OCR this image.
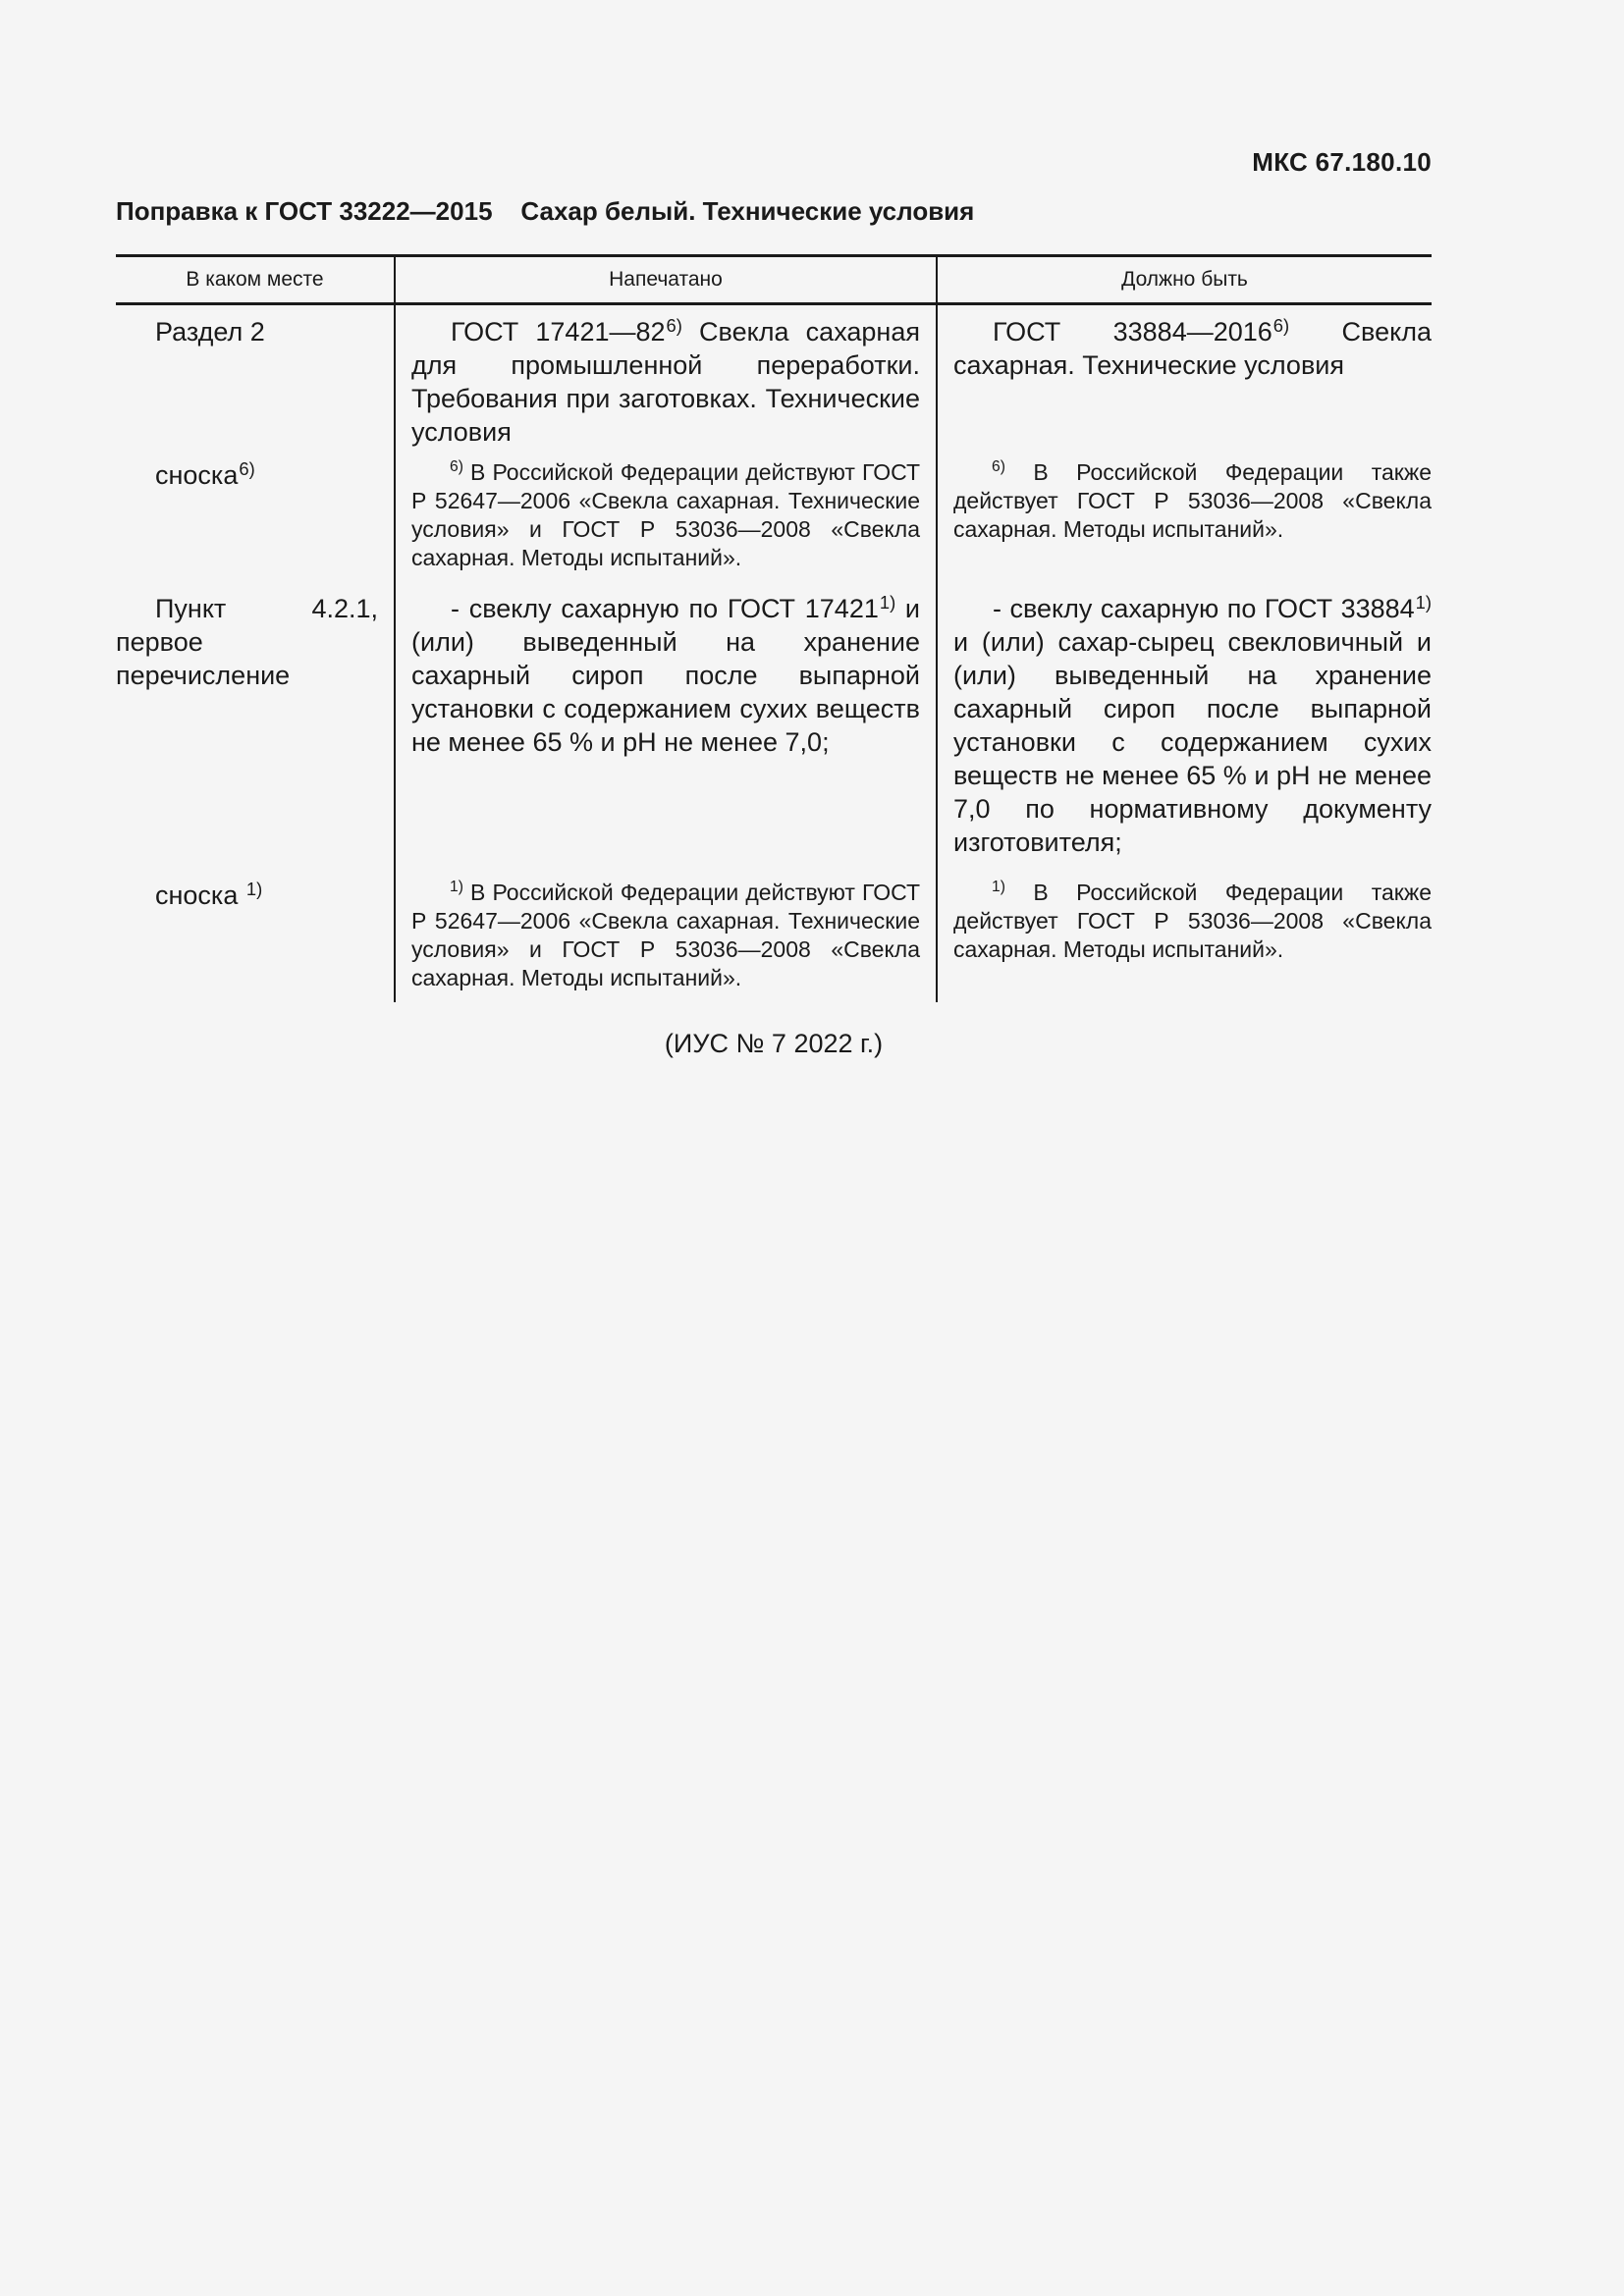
МКС 67.180.10
Поправка к ГОСТ 33222—2015    Сахар белый. Технические условия
В каком месте	Напечатано	Должно быть
Раздел 2	ГОСТ 17421—82$^{6)}$ Свекла сахарная для промышленной переработки. Требования при заготовках. Технические условия	ГОСТ 33884—2016$^{6)}$ Свекла сахарная. Технические условия

сноска$^{6)}$	$^{6)}$ В Российской Федерации действуют ГОСТ Р 52647—2006 «Свекла сахарная. Технические условия» и ГОСТ Р 53036—2008 «Свекла сахарная. Методы испытаний».	$^{6)}$ В Российской Федерации также действует ГОСТ Р 53036—2008 «Свекла сахарная. Методы испытаний».

Пункт 4.2.1, первое перечисление	- свеклу сахарную по ГОСТ 17421$^{1)}$ и (или) выведенный на хранение сахарный сироп после выпарной установки с содержанием сухих веществ не менее 65 % и pH не менее 7,0;	- свеклу сахарную по ГОСТ 33884$^{1)}$ и (или) сахар-сырец свекловичный и (или) выведенный на хранение сахарный сироп после выпарной установки с содержанием сухих веществ не менее 65 % и pH не менее 7,0 по нормативному документу изготовителя;

сноска $^{1)}$	$^{1)}$ В Российской Федерации действуют ГОСТ Р 52647—2006 «Свекла сахарная. Технические условия» и ГОСТ Р 53036—2008 «Свекла сахарная. Методы испытаний».	$^{1)}$ В Российской Федерации также действует ГОСТ Р 53036—2008 «Свекла сахарная. Методы испытаний».
(ИУС № 7 2022 г.)
